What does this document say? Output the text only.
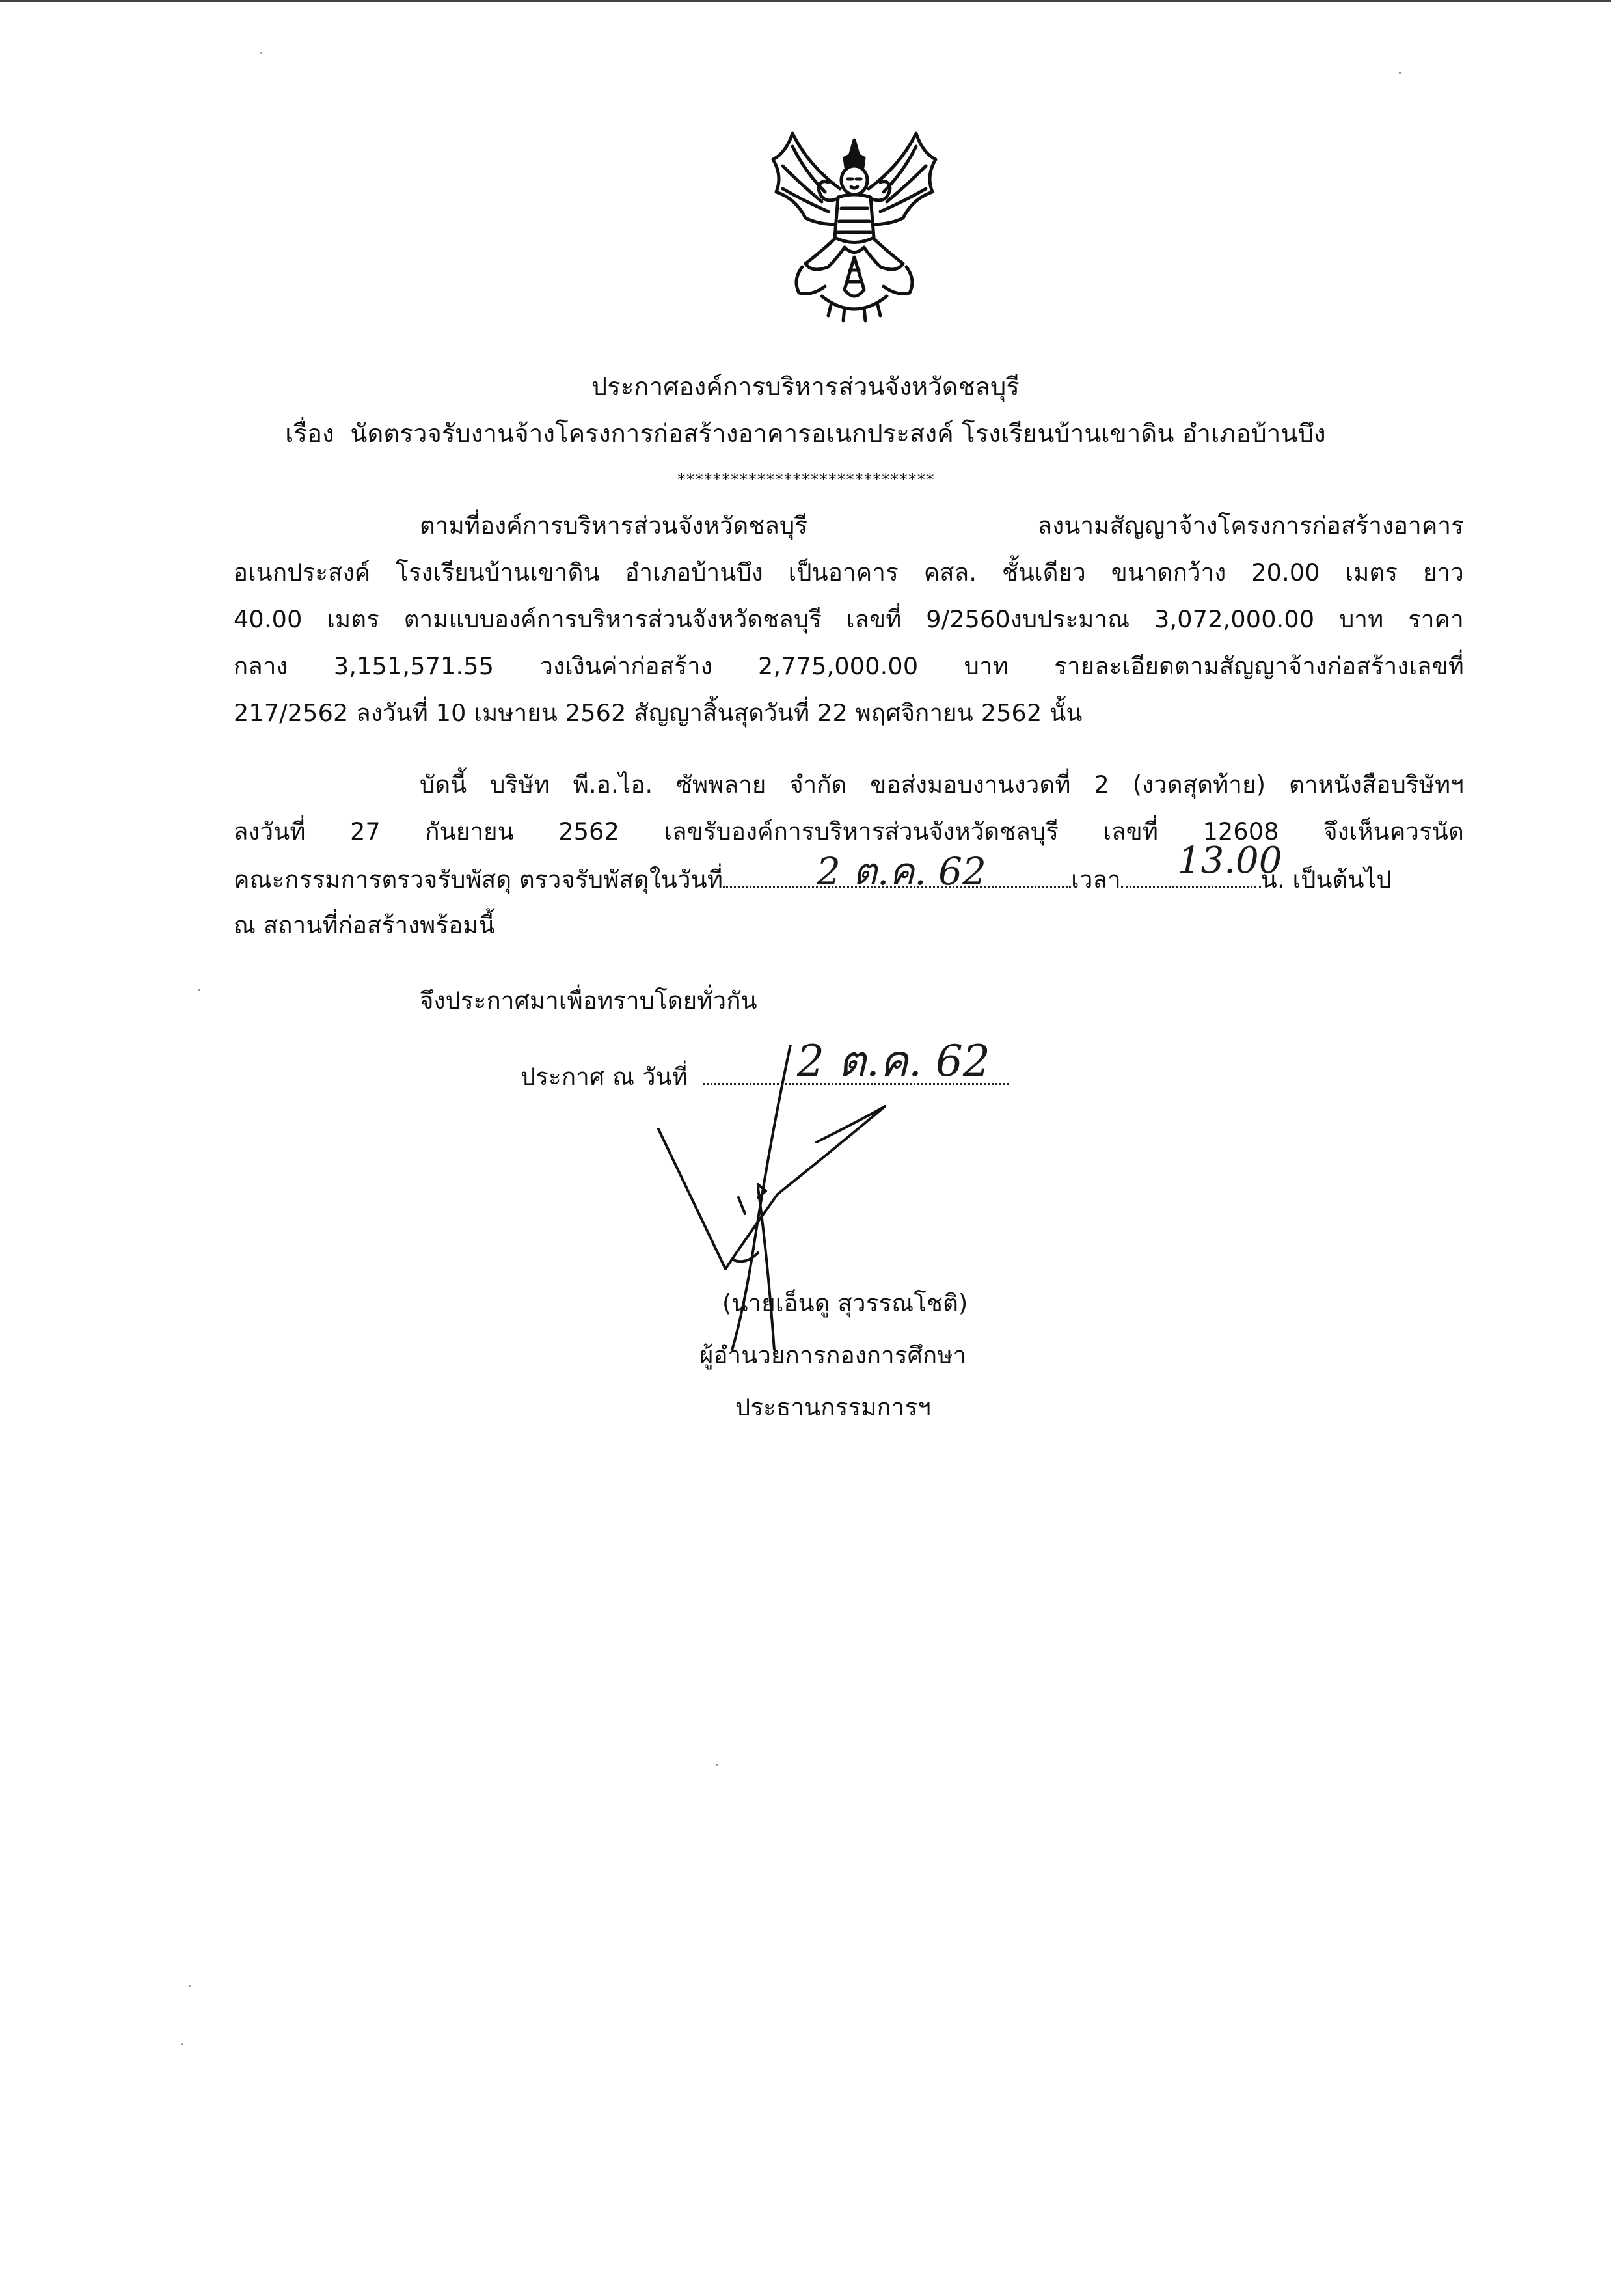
ประกาศองค์การบริหารส่วนจังหวัดชลบุรี
เรื่อง นัดตรวจรับงานจ้างโครงการก่อสร้างอาคารอเนกประสงค์ โรงเรียนบ้านเขาดิน อำเภอบ้านบึง
*****************************
ตามที่องค์การบริหารส่วนจังหวัดชลบุรี ลงนามสัญญาจ้างโครงการก่อสร้างอาคาร
อเนกประสงค์ โรงเรียนบ้านเขาดิน อำเภอบ้านบึง เป็นอาคาร คสล. ชั้นเดียว ขนาดกว้าง 20.00 เมตร ยาว
40.00 เมตร ตามแบบองค์การบริหารส่วนจังหวัดชลบุรี เลขที่ 9/2560งบประมาณ 3,072,000.00 บาท ราคา
กลาง 3,151,571.55 วงเงินค่าก่อสร้าง 2,775,000.00 บาท รายละเอียดตามสัญญาจ้างก่อสร้างเลขที่
217/2562 ลงวันที่ 10 เมษายน 2562 สัญญาสิ้นสุดวันที่ 22 พฤศจิกายน 2562 นั้น
บัดนี้ บริษัท พี.อ.ไอ. ซัพพลาย จำกัด ขอส่งมอบงานงวดที่ 2 (งวดสุดท้าย) ตาหนังสือบริษัทฯ
ลงวันที่ 27 กันยายน 2562 เลขรับองค์การบริหารส่วนจังหวัดชลบุรี เลขที่ 12608 จึงเห็นควรนัด
คณะกรรมการตรวจรับพัสดุ ตรวจรับพัสดุในวันที่	เวลา	น. เป็นต้นไป
2 ต.ค. 62	13.00
ณ สถานที่ก่อสร้างพร้อมนี้
จึงประกาศมาเพื่อทราบโดยทั่วกัน
ประกาศ ณ วันที่	2 ต.ค. 62
(นายเอ็นดู สุวรรณโชติ)
ผู้อำนวยการกองการศึกษา
ประธานกรรมการฯ
